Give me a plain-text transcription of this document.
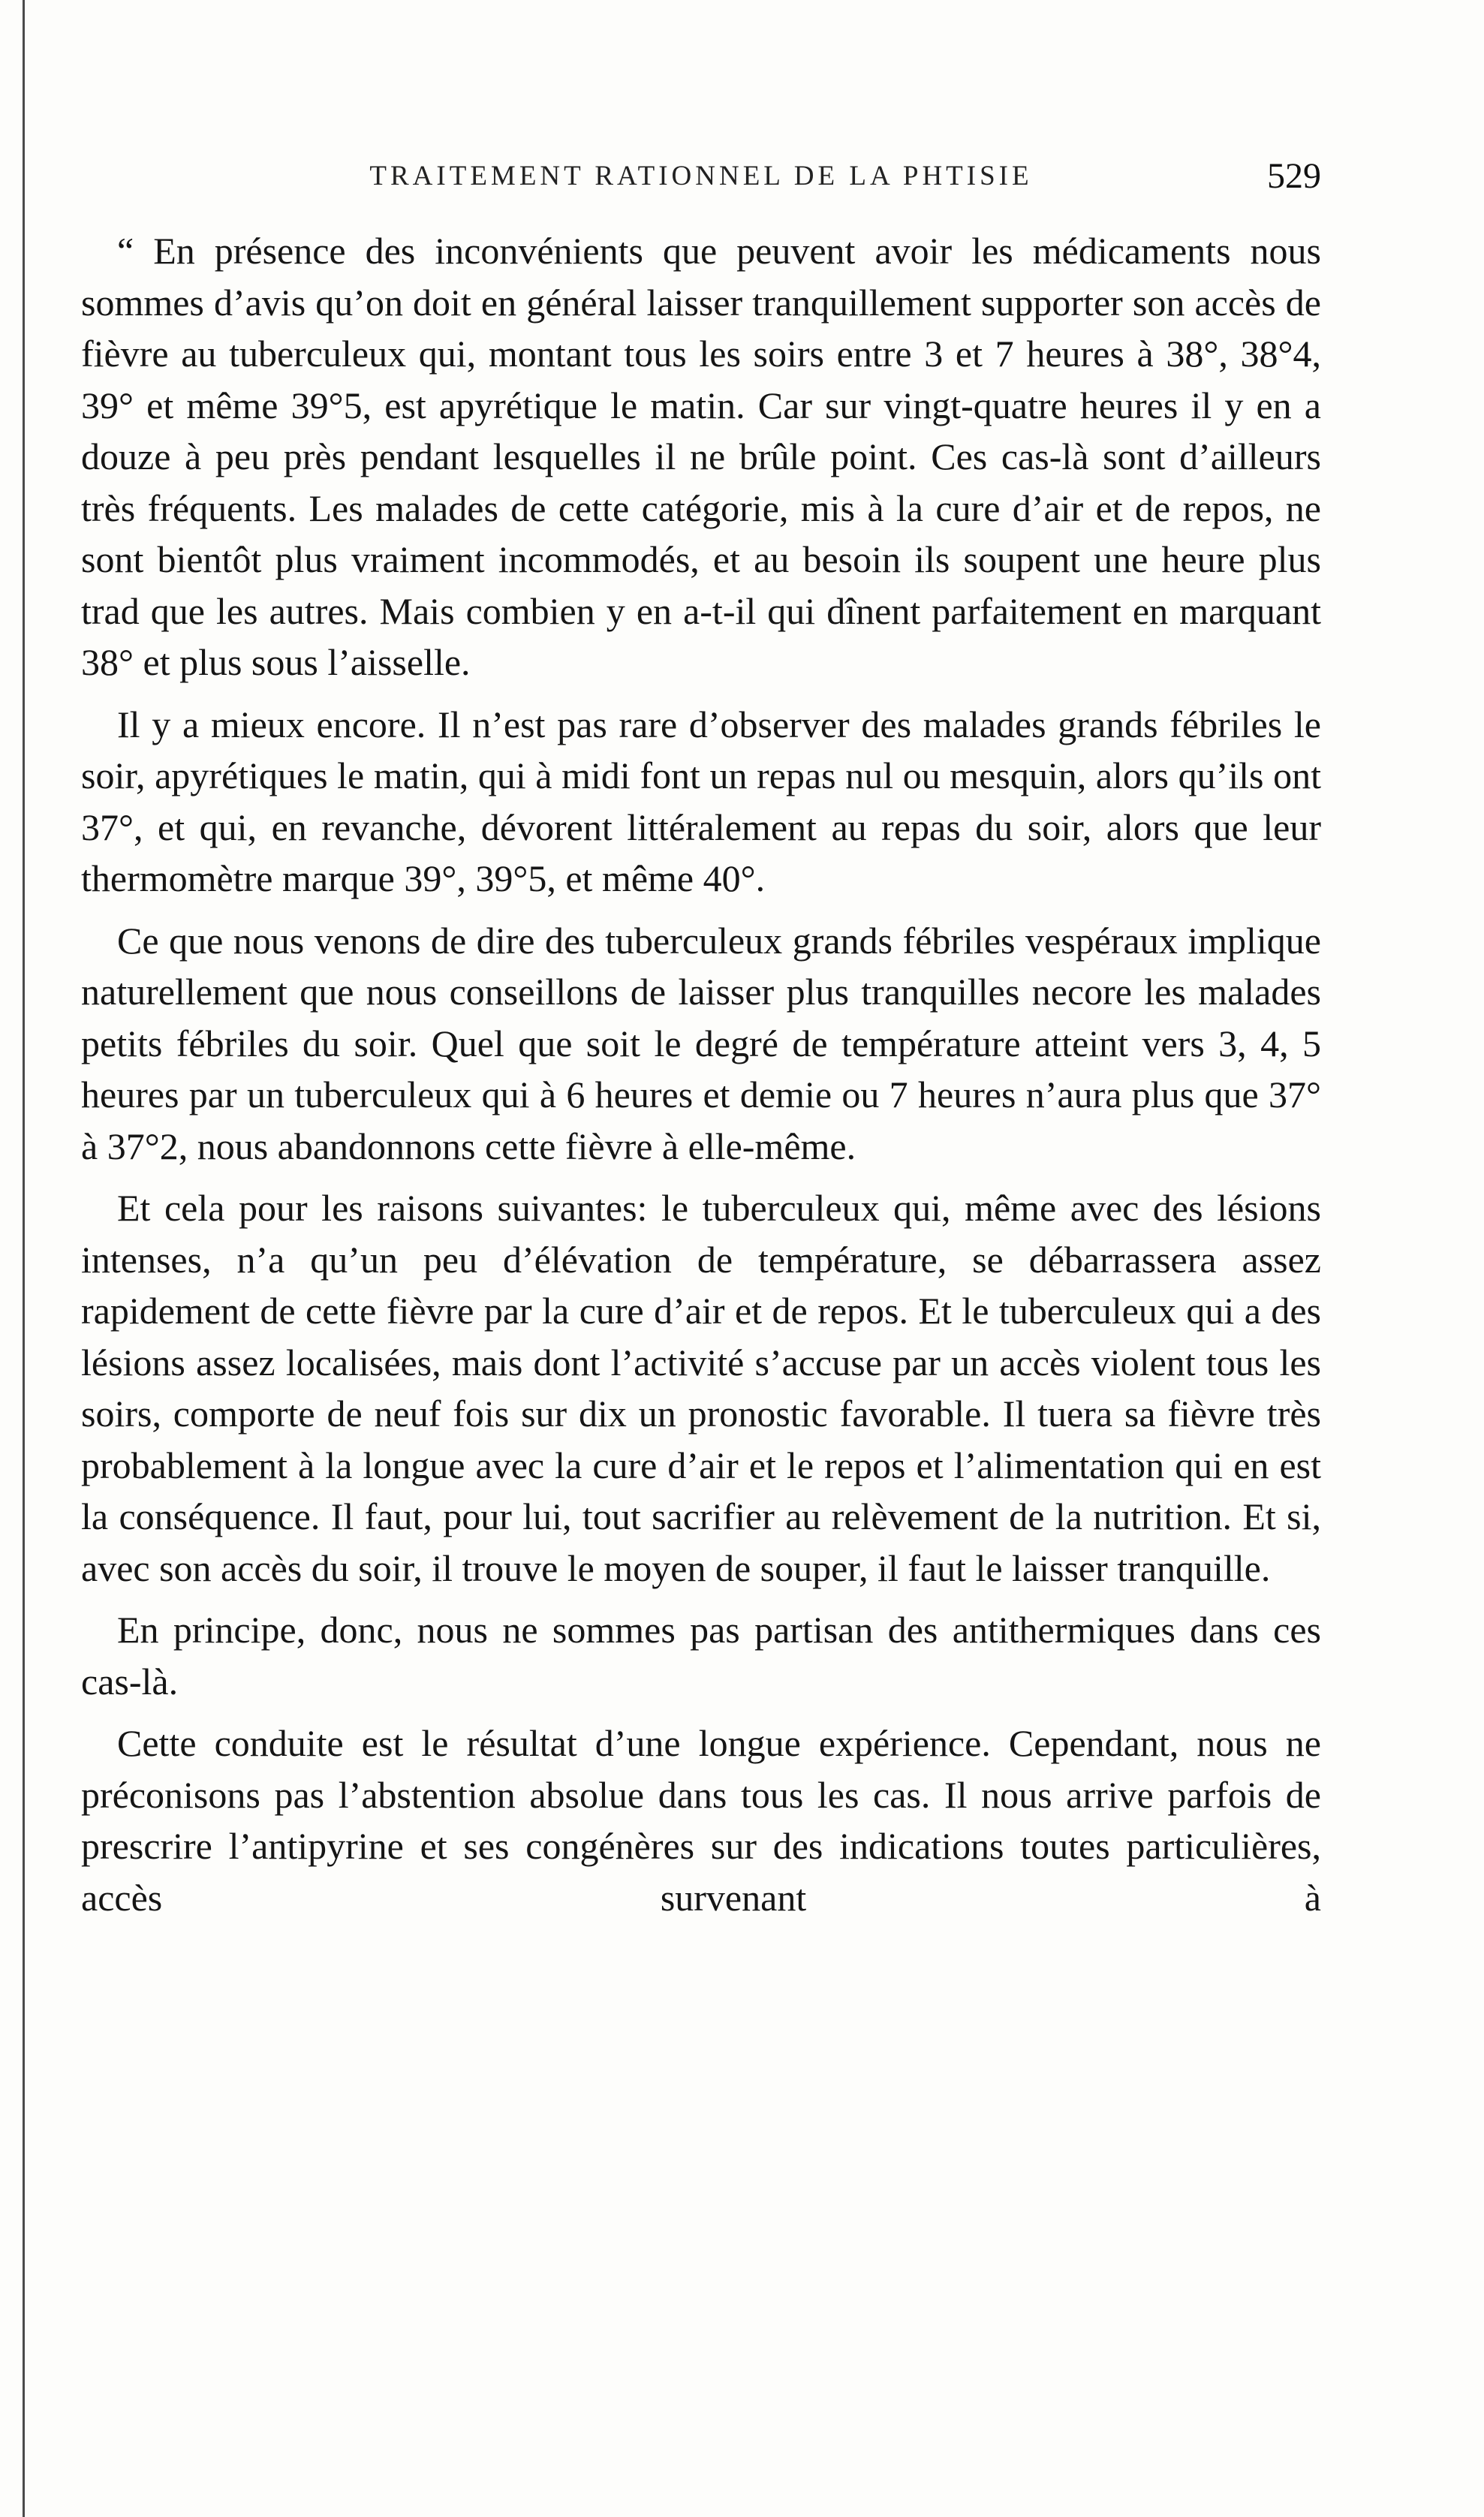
TRAITEMENT RATIONNEL DE LA PHTISIE	529

“ En présence des inconvénients que peuvent avoir les médicaments nous sommes d’avis qu’on doit en général laisser tranquillement supporter son accès de fièvre au tuberculeux qui, montant tous les soirs entre 3 et 7 heures à 38°, 38°4, 39° et même 39°5, est apyrétique le matin. Car sur vingt-quatre heures il y en a douze à peu près pendant lesquelles il ne brûle point. Ces cas-là sont d’ailleurs très fréquents. Les malades de cette catégorie, mis à la cure d’air et de repos, ne sont bientôt plus vraiment incommodés, et au besoin ils soupent une heure plus trad que les autres. Mais combien y en a-t-il qui dînent parfaitement en marquant 38° et plus sous l’aisselle.

Il y a mieux encore. Il n’est pas rare d’observer des malades grands fébriles le soir, apyrétiques le matin, qui à midi font un repas nul ou mesquin, alors qu’ils ont 37°, et qui, en revanche, dévorent littéralement au repas du soir, alors que leur thermomètre marque 39°, 39°5, et même 40°.

Ce que nous venons de dire des tuberculeux grands fébriles vespéraux implique naturellement que nous conseillons de laisser plus tranquilles necore les malades petits fébriles du soir. Quel que soit le degré de température atteint vers 3, 4, 5 heures par un tuberculeux qui à 6 heures et demie ou 7 heures n’aura plus que 37° à 37°2, nous abandonnons cette fièvre à elle-même.

Et cela pour les raisons suivantes: le tuberculeux qui, même avec des lésions intenses, n’a qu’un peu d’élévation de température, se débarrassera assez rapidement de cette fièvre par la cure d’air et de repos. Et le tuberculeux qui a des lésions assez localisées, mais dont l’activité s’accuse par un accès violent tous les soirs, comporte de neuf fois sur dix un pronostic favorable. Il tuera sa fièvre très probablement à la longue avec la cure d’air et le repos et l’alimentation qui en est la conséquence. Il faut, pour lui, tout sacrifier au relèvement de la nutrition. Et si, avec son accès du soir, il trouve le moyen de souper, il faut le laisser tranquille.

En principe, donc, nous ne sommes pas partisan des antithermiques dans ces cas-là.

Cette conduite est le résultat d’une longue expérience. Cependant, nous ne préconisons pas l’abstention absolue dans tous les cas. Il nous arrive parfois de prescrire l’antipyrine et ses congénères sur des indications toutes particulières, accès survenant à
